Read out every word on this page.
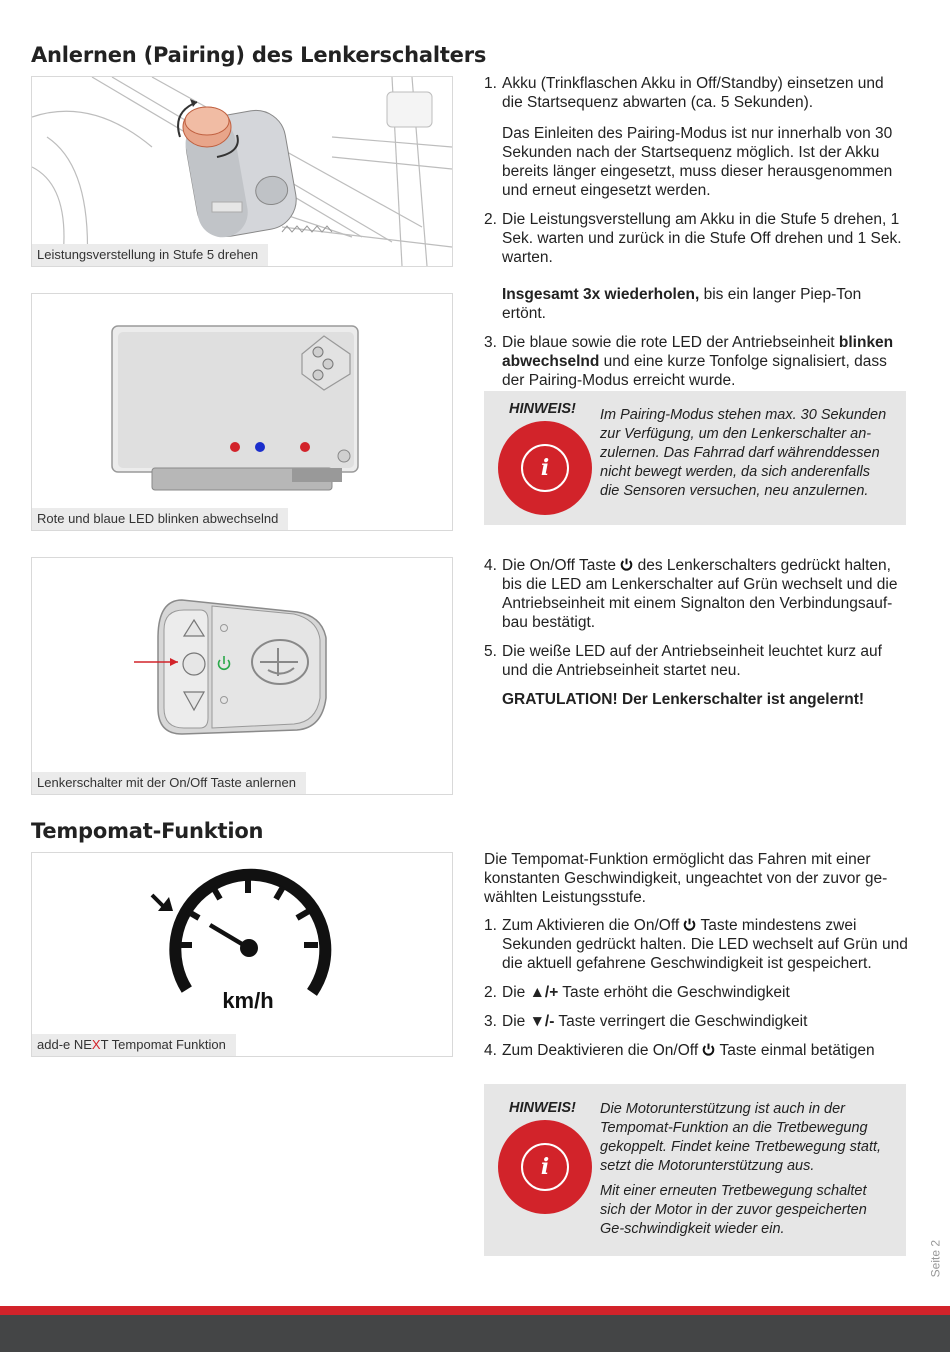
Anlernen (Pairing) des Lenkerschalters
Leistungsverstellung in Stufe 5 drehen
Rote und blaue LED blinken abwechselnd
Lenkerschalter mit der On/Off Taste anlernen
1. Akku (Trinkflaschen Akku in Off/Standby) einsetzen und die Startsequenz abwarten (ca. 5 Sekunden).

Das Einleiten des Pairing-Modus ist nur innerhalb von 30 Sekunden nach der Startsequenz möglich. Ist der Akku bereits länger eingesetzt, muss dieser herausgenommen und erneut eingesetzt werden.

2. Die Leistungsverstellung am Akku in die Stufe 5 drehen, 1 Sek. warten und zurück in die Stufe Off drehen und 1 Sek. warten.

Insgesamt 3x wiederholen, bis ein langer Piep-Ton ertönt.

3. Die blaue sowie die rote LED der Antriebseinheit blinken abwechselnd und eine kurze Tonfolge signalisiert, dass der Pairing-Modus erreicht wurde.

HINWEIS!
i

Im Pairing-Modus stehen max. 30 Sekunden zur Verfügung, um den Lenkerschalter an-zulernen. Das Fahrrad darf währenddessen nicht bewegt werden, da sich anderenfalls die Sensoren versuchen, neu anzulernen.

4. Die On/Off Taste  des Lenkerschalters gedrückt halten, bis die LED am Lenkerschalter auf Grün wechselt und die Antriebseinheit mit einem Signalton den Verbindungsauf-bau bestätigt.

5. Die weiße LED auf der Antriebseinheit leuchtet kurz auf und die Antriebseinheit startet neu.

GRATULATION! Der Lenkerschalter ist angelernt!

Tempomat-Funktion
km/h
add-e NEXT Tempomat Funktion

Die Tempomat-Funktion ermöglicht das Fahren mit einer konstanten Geschwindigkeit, ungeachtet von der zuvor ge-wählten Leistungsstufe.

1. Zum Aktivieren die On/Off  Taste mindestens zwei Sekunden gedrückt halten. Die LED wechselt auf Grün und die aktuell gefahrene Geschwindigkeit ist gespeichert.

2. Die ▲/+ Taste erhöht die Geschwindigkeit

3. Die ▼/- Taste verringert die Geschwindigkeit

4. Zum Deaktivieren die On/Off  Taste einmal betätigen

HINWEIS!
i

Die Motorunterstützung ist auch in der Tempomat-Funktion an die Tretbewegung gekoppelt. Findet keine Tretbewegung statt, setzt die Motorunterstützung aus.

Mit einer erneuten Tretbewegung schaltet sich der Motor in der zuvor gespeicherten Ge-schwindigkeit wieder ein.

Seite 2
